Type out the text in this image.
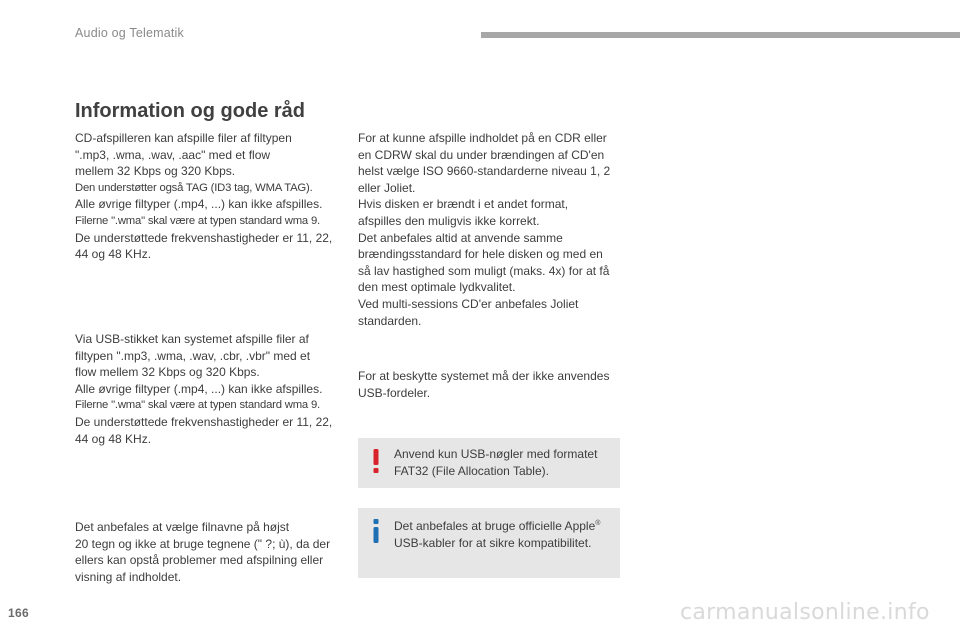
Audio og Telematik
Information og gode råd

CD-afspilleren kan afspille filer af filtypen
".mp3, .wma, .wav, .aac" med et flow
mellem 32 Kbps og 320 Kbps.
Den understøtter også TAG (ID3 tag, WMA TAG).
Alle øvrige filtyper (.mp4, ...) kan ikke afspilles.
Filerne ".wma" skal være at typen standard wma 9.
De understøttede frekvenshastigheder er 11, 22,
44 og 48 KHz.

Via USB-stikket kan systemet afspille filer af
filtypen ".mp3, .wma, .wav, .cbr, .vbr" med et
flow mellem 32 Kbps og 320 Kbps.
Alle øvrige filtyper (.mp4, ...) kan ikke afspilles.
Filerne ".wma" skal være at typen standard wma 9.
De understøttede frekvenshastigheder er 11, 22,
44 og 48 KHz.

Det anbefales at vælge filnavne på højst
20 tegn og ikke at bruge tegnene (" ?; ù), da der
ellers kan opstå problemer med afspilning eller
visning af indholdet.

For at kunne afspille indholdet på en CDR eller
en CDRW skal du under brændingen af CD'en
helst vælge ISO 9660-standarderne niveau 1, 2
eller Joliet.
Hvis disken er brændt i et andet format,
afspilles den muligvis ikke korrekt.
Det anbefales altid at anvende samme
brændingsstandard for hele disken og med en
så lav hastighed som muligt (maks. 4x) for at få
den mest optimale lydkvalitet.
Ved multi-sessions CD'er anbefales Joliet
standarden.

For at beskytte systemet må der ikke anvendes
USB-fordeler.

Anvend kun USB-nøgler med formatet
FAT32 (File Allocation Table).

Det anbefales at bruge officielle Apple®
USB-kabler for at sikre kompatibilitet.

166	carmanualsonline.info
